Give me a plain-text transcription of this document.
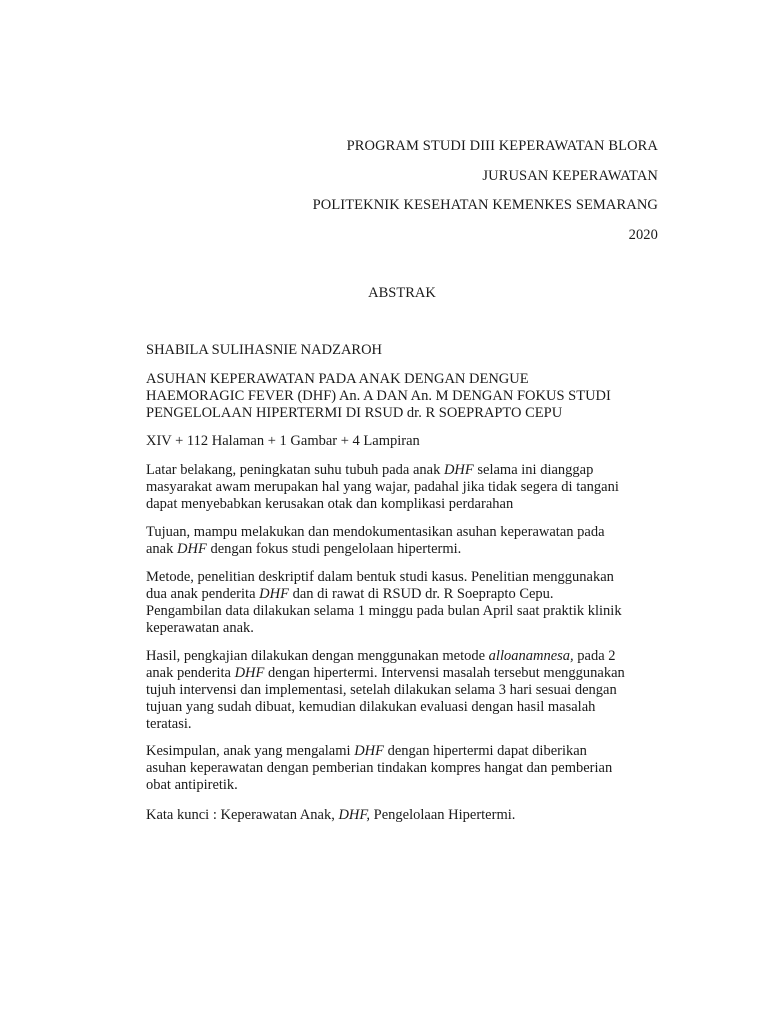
PROGRAM STUDI DIII KEPERAWATAN BLORA
JURUSAN KEPERAWATAN
POLITEKNIK KESEHATAN KEMENKES SEMARANG
2020
ABSTRAK
SHABILA SULIHASNIE NADZAROH

ASUHAN KEPERAWATAN PADA ANAK DENGAN DENGUE

HAEMORAGIC FEVER (DHF) An. A DAN An. M DENGAN FOKUS STUDI

PENGELOLAAN HIPERTERMI DI RSUD dr. R SOEPRAPTO CEPU

XIV + 112 Halaman + 1 Gambar + 4 Lampiran

Latar belakang, peningkatan suhu tubuh pada anak DHF selama ini dianggap

masyarakat awam merupakan hal yang wajar, padahal jika tidak segera di tangani

dapat menyebabkan kerusakan otak dan komplikasi perdarahan

Tujuan, mampu melakukan dan mendokumentasikan asuhan keperawatan pada

anak DHF dengan fokus studi pengelolaan hipertermi.

Metode, penelitian deskriptif dalam bentuk studi kasus. Penelitian menggunakan

dua anak penderita DHF dan di rawat di RSUD dr. R Soeprapto Cepu.

Pengambilan data dilakukan selama 1 minggu pada bulan April saat praktik klinik

keperawatan anak.

Hasil, pengkajian dilakukan dengan menggunakan metode alloanamnesa, pada 2

anak penderita DHF dengan hipertermi. Intervensi masalah tersebut menggunakan

tujuh intervensi dan implementasi, setelah dilakukan selama 3 hari sesuai dengan

tujuan yang sudah dibuat, kemudian dilakukan evaluasi dengan hasil masalah

teratasi.

Kesimpulan, anak yang mengalami DHF dengan hipertermi dapat diberikan

asuhan keperawatan dengan pemberian tindakan kompres hangat dan pemberian

obat antipiretik.

Kata kunci : Keperawatan Anak, DHF, Pengelolaan Hipertermi.
